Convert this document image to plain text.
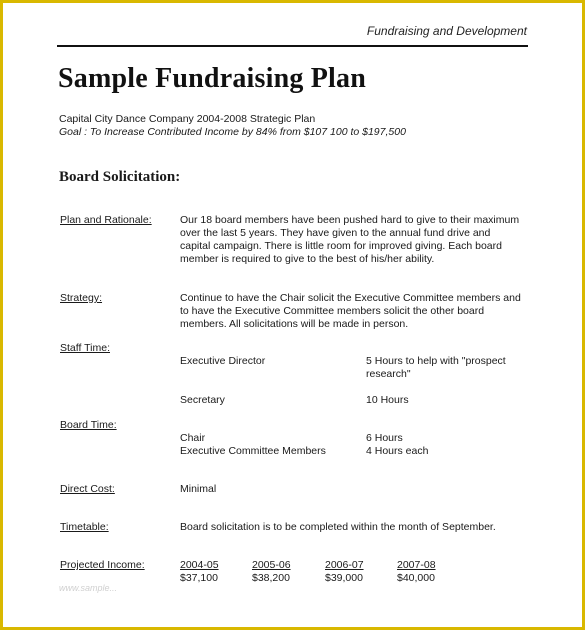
Fundraising and Development
Sample Fundraising Plan
Capital City Dance Company 2004-2008 Strategic Plan
Goal : To Increase Contributed Income by 84% from $107 100 to $197,500
Board Solicitation:
Plan and Rationale:	Our 18 board members have been pushed hard to give to their maximum
over the last 5 years. They have given to the annual fund drive and
capital campaign. There is little room for improved giving. Each board
member is required to give to the best of his/her ability.
Strategy:	Continue to have the Chair solicit the Executive Committee members and
to have the Executive Committee members solicit the other board
members. All solicitations will be made in person.
Staff Time:
Executive Director	5 Hours to help with "prospect
research"
Secretary	10 Hours
Board Time:
Chair	6 Hours
Executive Committee Members	4 Hours each
Direct Cost:	Minimal
Timetable:	Board solicitation is to be completed within the month of September.
Projected Income:	2004-05	2005-06	2006-07	2007-08
$37,100	$38,200	$39,000	$40,000
www.sample...
